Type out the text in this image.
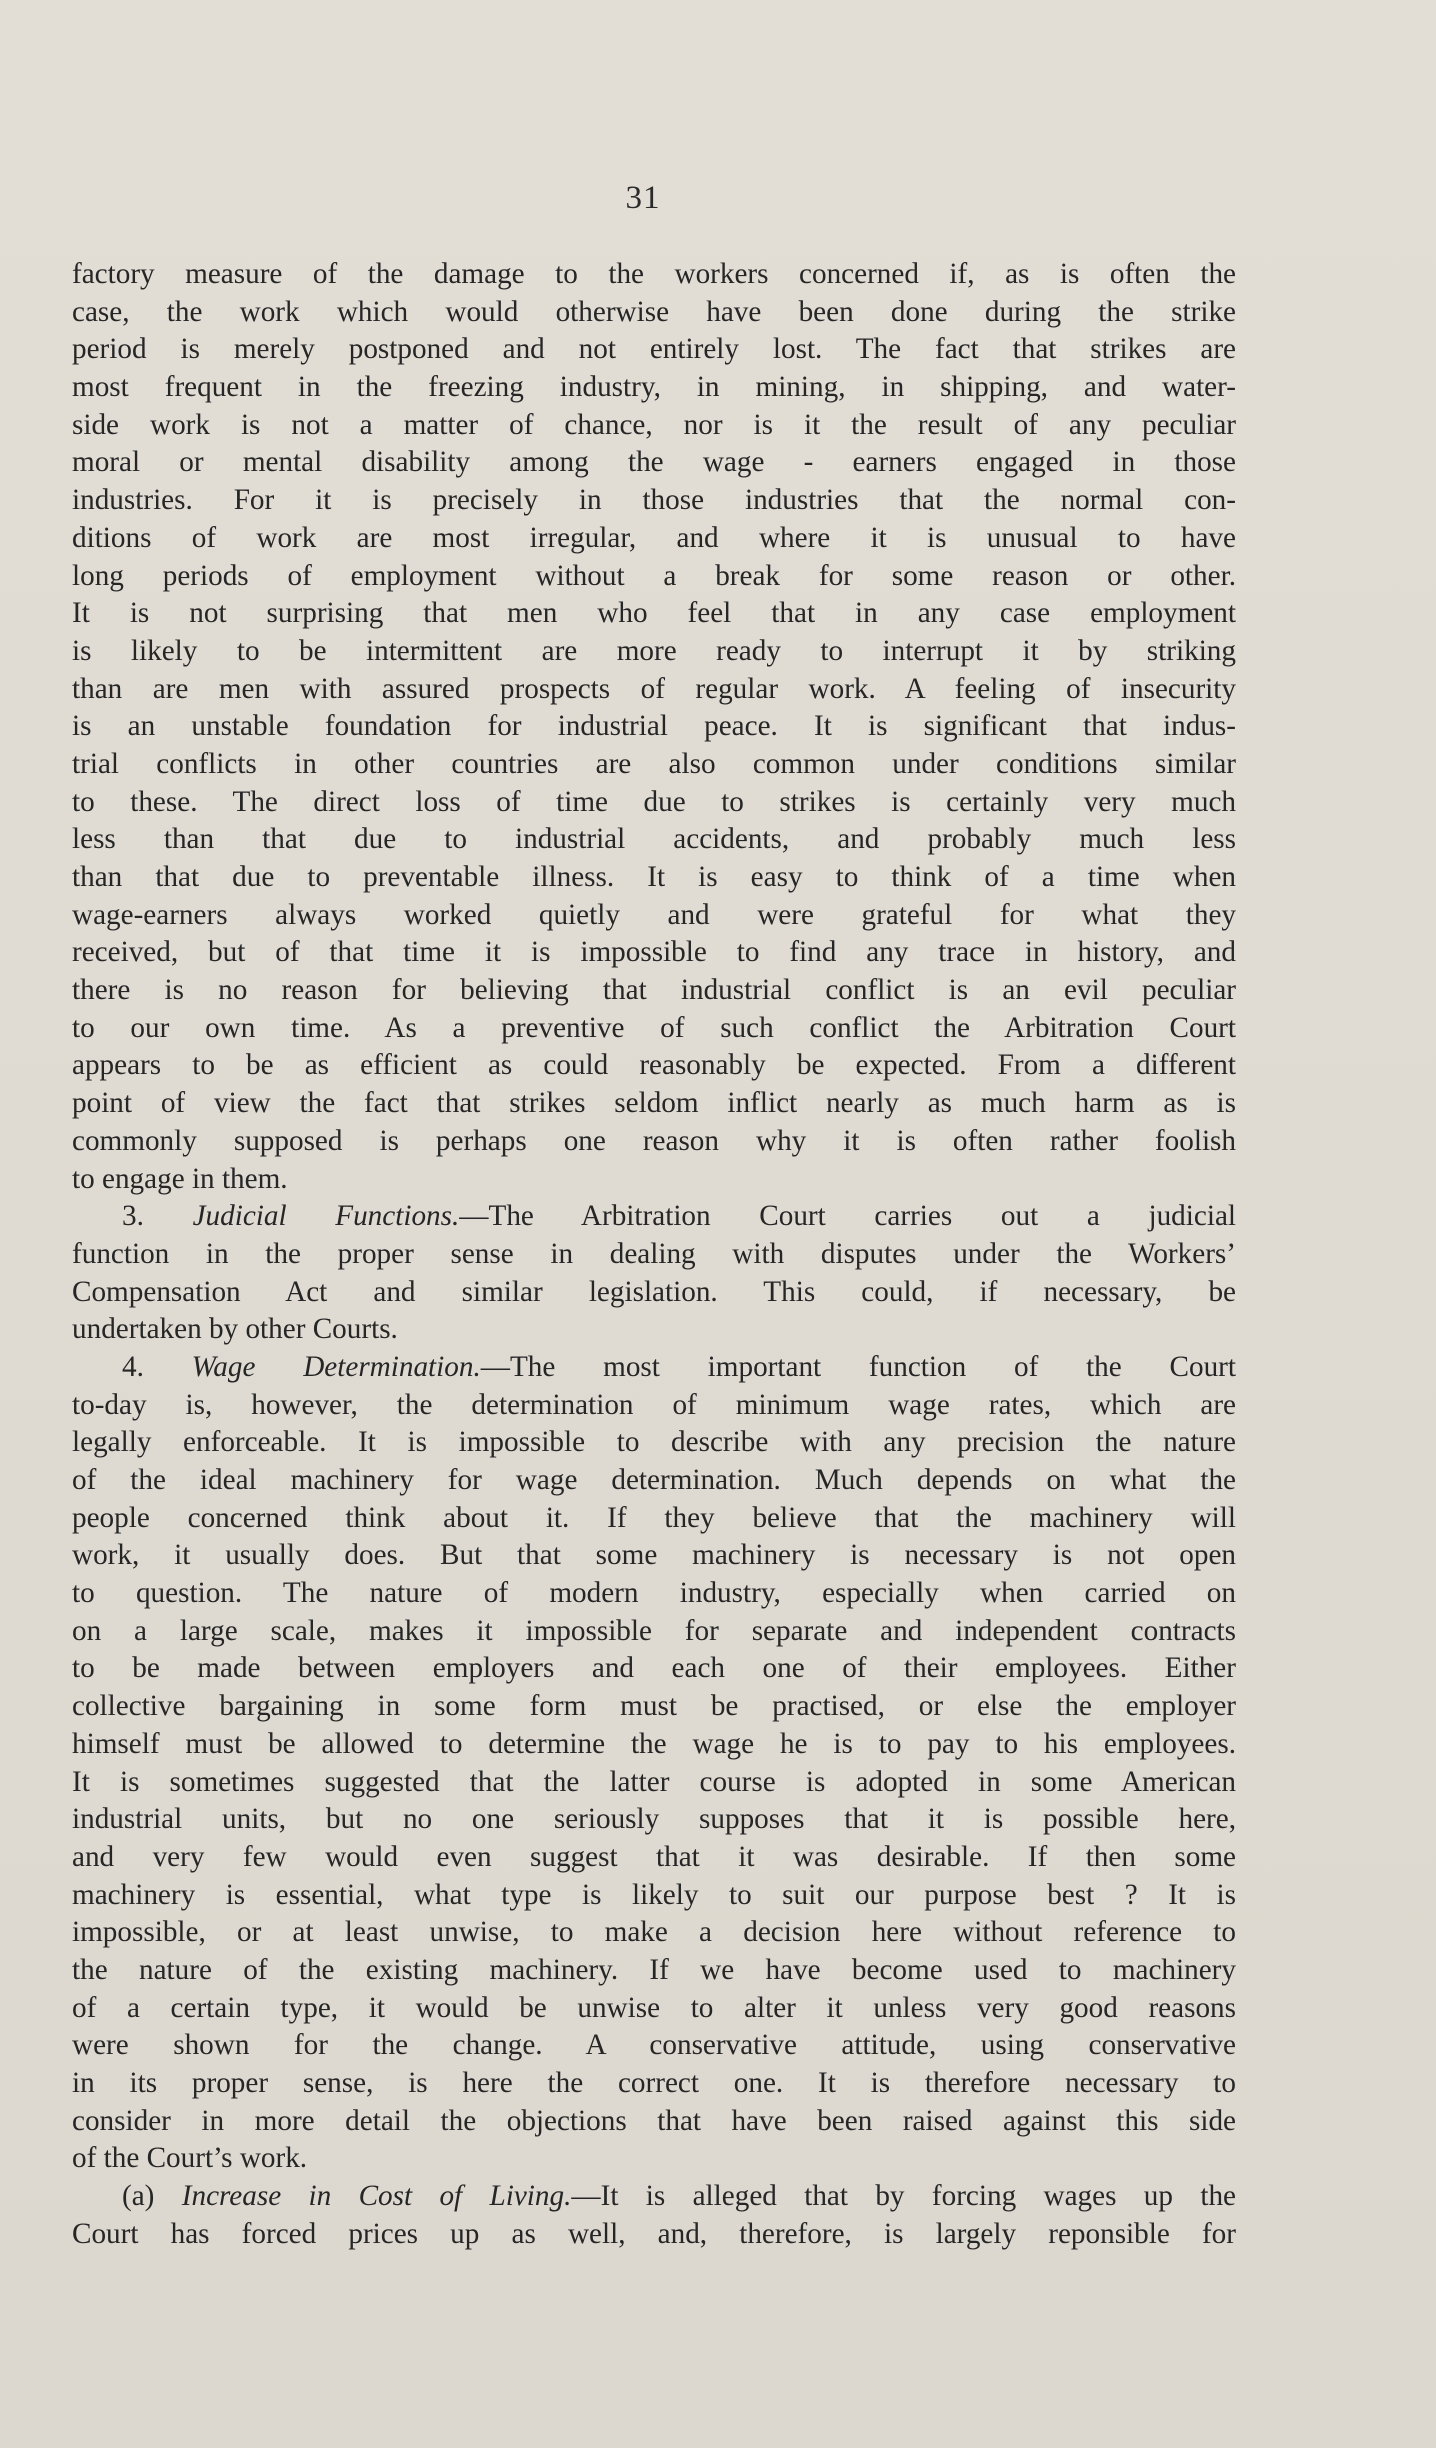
31
factory measure of the damage to the workers concerned if, as is often the
case, the work which would otherwise have been done during the strike
period is merely postponed and not entirely lost. The fact that strikes are
most frequent in the freezing industry, in mining, in shipping, and water-
side work is not a matter of chance, nor is it the result of any peculiar
moral or mental disability among the wage - earners engaged in those
industries. For it is precisely in those industries that the normal con-
ditions of work are most irregular, and where it is unusual to have
long periods of employment without a break for some reason or other.
It is not surprising that men who feel that in any case employment
is likely to be intermittent are more ready to interrupt it by striking
than are men with assured prospects of regular work. A feeling of insecurity
is an unstable foundation for industrial peace. It is significant that indus-
trial conflicts in other countries are also common under conditions similar
to these. The direct loss of time due to strikes is certainly very much
less than that due to industrial accidents, and probably much less
than that due to preventable illness. It is easy to think of a time when
wage-earners always worked quietly and were grateful for what they
received, but of that time it is impossible to find any trace in history, and
there is no reason for believing that industrial conflict is an evil peculiar
to our own time. As a preventive of such conflict the Arbitration Court
appears to be as efficient as could reasonably be expected. From a different
point of view the fact that strikes seldom inflict nearly as much harm as is
commonly supposed is perhaps one reason why it is often rather foolish
to engage in them.
3. Judicial Functions.—The Arbitration Court carries out a judicial
function in the proper sense in dealing with disputes under the Workers’
Compensation Act and similar legislation. This could, if necessary, be
undertaken by other Courts.
4. Wage Determination.—The most important function of the Court
to-day is, however, the determination of minimum wage rates, which are
legally enforceable. It is impossible to describe with any precision the nature
of the ideal machinery for wage determination. Much depends on what the
people concerned think about it. If they believe that the machinery will
work, it usually does. But that some machinery is necessary is not open
to question. The nature of modern industry, especially when carried on
on a large scale, makes it impossible for separate and independent contracts
to be made between employers and each one of their employees. Either
collective bargaining in some form must be practised, or else the employer
himself must be allowed to determine the wage he is to pay to his employees.
It is sometimes suggested that the latter course is adopted in some American
industrial units, but no one seriously supposes that it is possible here,
and very few would even suggest that it was desirable. If then some
machinery is essential, what type is likely to suit our purpose best ? It is
impossible, or at least unwise, to make a decision here without reference to
the nature of the existing machinery. If we have become used to machinery
of a certain type, it would be unwise to alter it unless very good reasons
were shown for the change. A conservative attitude, using conservative
in its proper sense, is here the correct one. It is therefore necessary to
consider in more detail the objections that have been raised against this side
of the Court’s work.
(a) Increase in Cost of Living.—It is alleged that by forcing wages up the
Court has forced prices up as well, and, therefore, is largely reponsible for
